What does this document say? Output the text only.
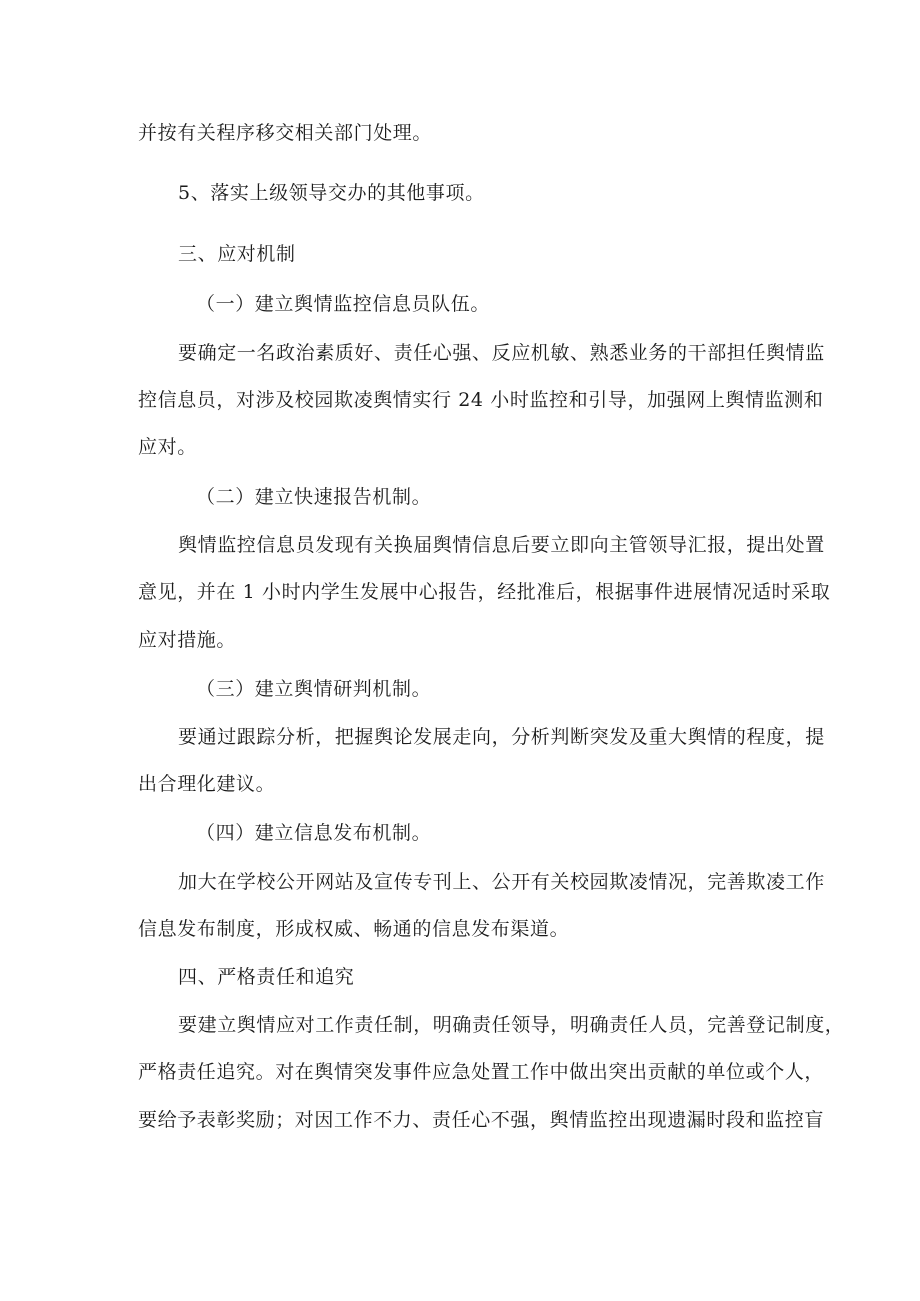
并按有关程序移交相关部门处理。
5、落实上级领导交办的其他事项。
三、应对机制
（一）建立舆情监控信息员队伍。
要确定一名政治素质好、责任心强、反应机敏、熟悉业务的干部担任舆情监
控信息员，对涉及校园欺凌舆情实行 24 小时监控和引导，加强网上舆情监测和
应对。
（二）建立快速报告机制。
舆情监控信息员发现有关换届舆情信息后要立即向主管领导汇报，提出处置
意见，并在 1 小时内学生发展中心报告，经批准后，根据事件进展情况适时采取
应对措施。
（三）建立舆情研判机制。
要通过跟踪分析，把握舆论发展走向，分析判断突发及重大舆情的程度，提
出合理化建议。
（四）建立信息发布机制。
加大在学校公开网站及宣传专刊上、公开有关校园欺凌情况，完善欺凌工作
信息发布制度，形成权威、畅通的信息发布渠道。
四、严格责任和追究
要建立舆情应对工作责任制，明确责任领导，明确责任人员，完善登记制度，
严格责任追究。对在舆情突发事件应急处置工作中做出突出贡献的单位或个人，
要给予表彰奖励；对因工作不力、责任心不强，舆情监控出现遗漏时段和监控盲
